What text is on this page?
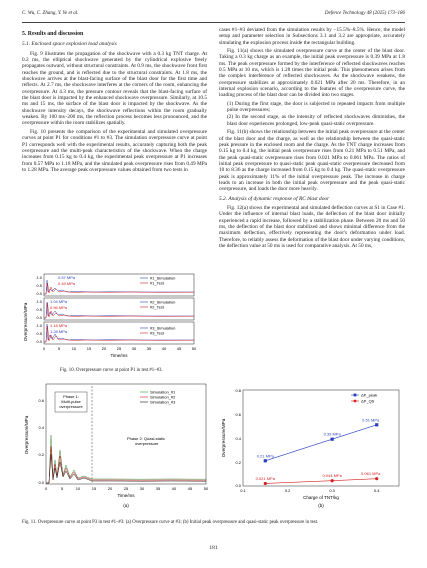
C. Wu, C. Zhang, Y. Ye et al.	Defence Technology 48 (2025) 173–186
5. Results and discussion
5.1. Enclosed space explosion load analysis

Fig. 9 illustrates the propagation of the shockwave with a 0.3 kg TNT charge. At 0.2 ms, the elliptical shockwave generated by the cylindrical explosive freely propagates outward, without structural constraints. At 0.9 ms, the shockwave front first reaches the ground, and is reflected due to the structural constraints. At 1.8 ms, the shockwave arrives at the blast-facing surface of the blast door for the first time and reflects. At 2.7 ms, the shockwave interferes at the corners of the room, enhancing the overpressure. At 4.3 ms, the pressure contour reveals that the blast-facing surface of the blast door is impacted by the enhanced shockwave overpressure. Similarly, at 10.5 ms and 15 ms, the surface of the blast door is impacted by the shockwave. As the shockwave intensity decays, the shockwave reflections within the room gradually weaken. By 100 ms–200 ms, the reflection process becomes less pronounced, and the overpressure within the room stabilizes spatially.

Fig. 10 presents the comparison of the experimental and simulated overpressure curves at point P1 for conditions #1 to #3. The simulation overpressure curve at point P1 corresponds well with the experimental results, accurately capturing both the peak overpressure and the multi-peak characteristics of the shockwave. When the charge increases from 0.15 kg to 0.4 kg, the experimental peak overpressure at P1 increases from 0.57 MPa to 1.18 MPa, and the simulated peak overpressure rises from 0.49 MPa to 1.28 MPa. The average peak overpressure values obtained from two tests in

cases #1–#3 deviated from the simulation results by −15.5%–8.5%. Hence, the model setup and parameter selection in Subsections 3.1 and 3.2 are appropriate, accurately simulating the explosion process inside the rectangular building.

Fig. 11(a) shows the simulated overpressure curve at the center of the blast door. Taking a 0.3 kg charge as an example, the initial peak overpressure is 0.39 MPa at 1.8 ms. The peak overpressure formed by the interference of reflected shockwaves reaches 0.5 MPa at 10 ms, which is 1.28 times the initial peak. This phenomenon arises from the complex interference of reflected shockwaves. As the shockwave weakens, the overpressure stabilizes at approximately 0.021 MPa after 20 ms. Therefore, in an internal explosion scenario, according to the features of the overpressure curve, the loading process of the blast door can be divided into two stages.

(1) During the first stage, the door is subjected to repeated impacts from multiple pulse overpressures;
(2) In the second stage, as the intensity of reflected shockwaves diminishes, the blast door experiences prolonged, low-peak quasi-static overpressure.

Fig. 11(b) shows the relationship between the initial peak overpressure at the center of the blast door and the charge, as well as the relationship between the quasi-static peak pressure in the enclosed room and the charge. As the TNT charge increases from 0.15 kg to 0.4 kg, the initial peak overpressure rises from 0.21 MPa to 0.51 MPa, and the peak quasi-static overpressure rises from 0.021 MPa to 0.061 MPa. The ratios of initial peak overpressure to quasi-static peak quasi-static overpressure decreased from 10 to 8.36 as the charge increased from 0.15 kg to 0.4 kg. The quasi-static overpressure peak is approximately 11% of the initial overpressure peak. The increase in charge leads to an increase in both the initial peak overpressure and the peak quasi-static overpressure, and loads the door more heavily.

5.2. Analysis of dynamic response of RC blast door

Fig. 12(a) shows the experimental and simulated deflection curves at S1 in Case #1. Under the influence of internal blast loads, the deflection of the blast door initially experienced a rapid increase, followed by a stabilization phase. Between 20 ms and 50 ms, the deflection of the blast door stabilized and shows minimal difference from the maximum deflection, effectively representing the door's deformation under load. Therefore, to reliably assess the deformation of the blast door under varying conditions, the deflection value at 50 ms is used for comparative analysis. At 50 ms,

Overpressure/MPa
1.0
0.5
0.0
0.57 MPa
0.49 MPa
#1_Simulation
#1_Test
1.0
0.5
0.0
1.04 MPa
0.96 MPa
#2_Simulation
#2_Test
1.0
0.5
0.0
1.18 MPa
1.28 MPa
#3_Simulation
#3_Test
0	5	10	15	20	25	30	35	40	45	50
Time/ms
Fig. 10. Overpressure curve at point P1 in test #1–#3.
Overpressure/MPa
0.6
0.4
0.2
0.0
Phase 1:
Multi-pulse
overpressure
Phase 2: Quasi-static
overpressure
Simulation_#1
Simulation_#2
Simulation_#3
0	5	10	15	20	25	30	35	40	45	50
Time/ms
(a)
Overpressure/MPa
0.8
0.6
0.4
0.2
0.0
0.1	0.2	0.3	0.4
Charge of TNT/kg
(b)
ΔP_peak
ΔP_QS
0.21 MPa
0.39 MPa
0.51 MPa
0.021 MPa
0.044 MPa	0.061 MPa
Fig. 11. Overpressure curve at point P3 in test #1–#3: (a) Overpressure curve at #3; (b) Initial peak overpressure and quasi-static peak overpressure in test.
181
